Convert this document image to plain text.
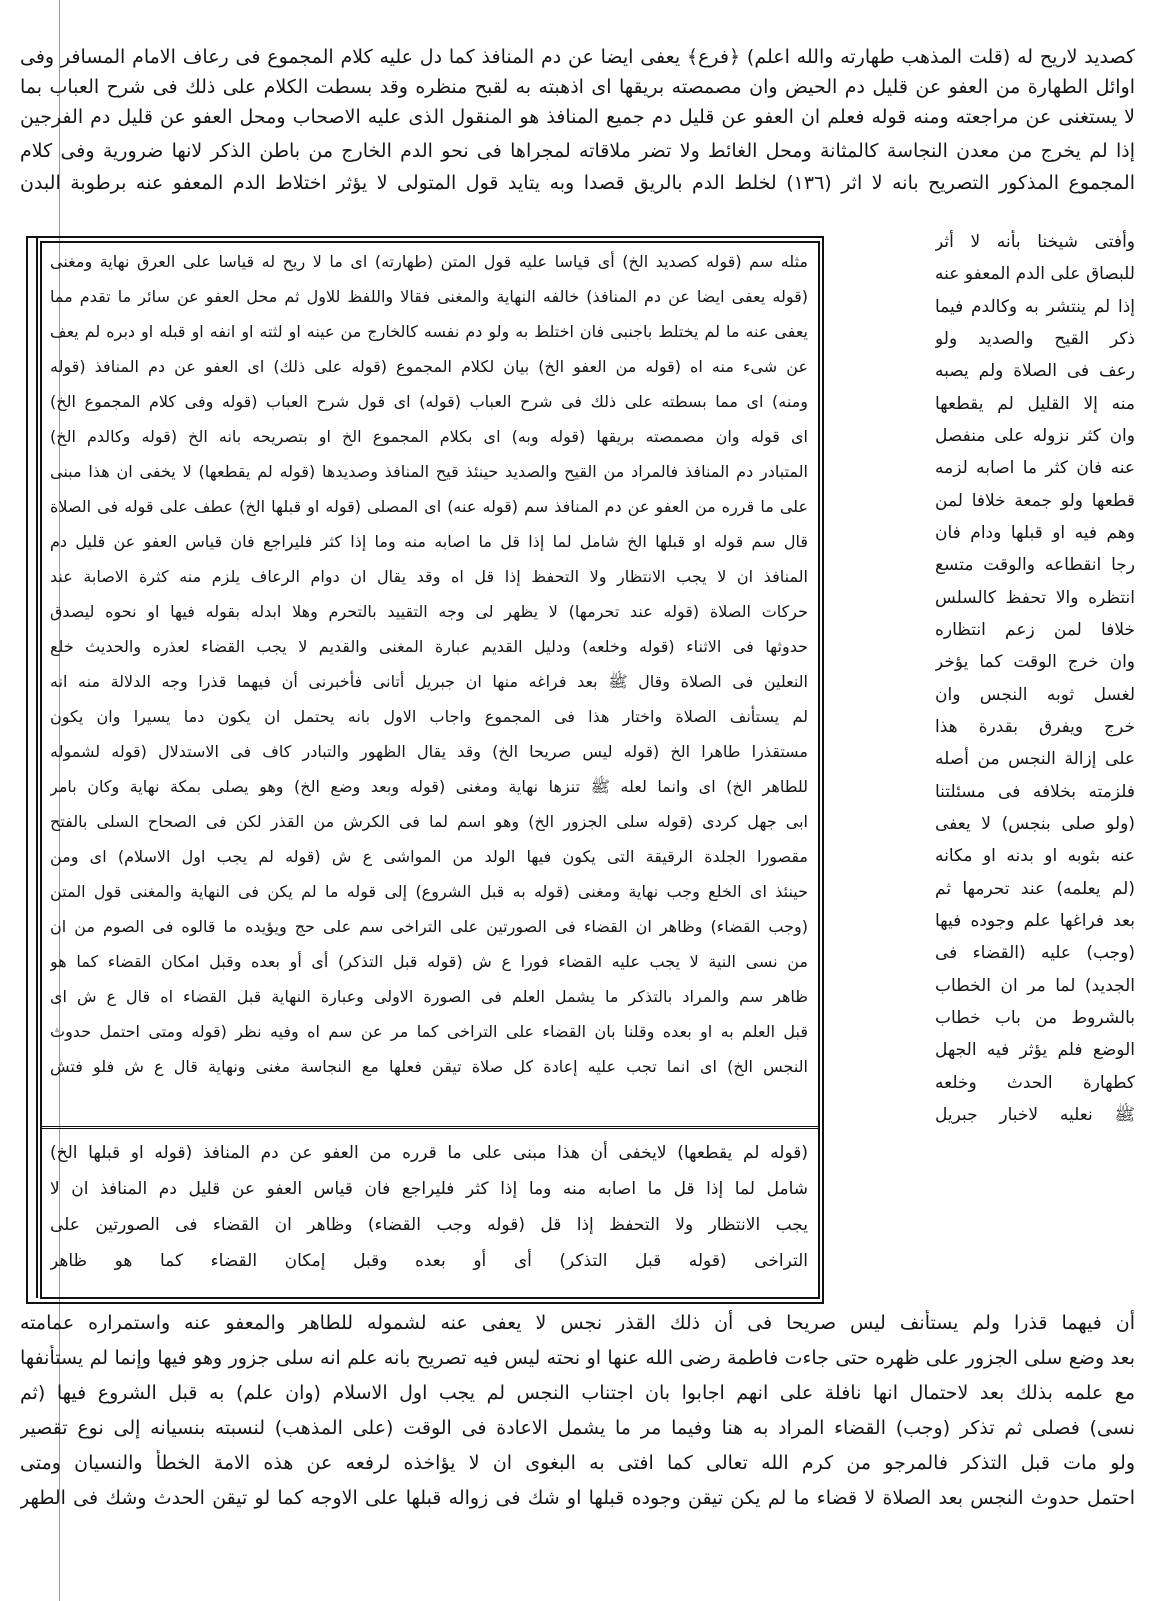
كصديد لاريح له (قلت المذهب طهارته والله اعلم) ﴿فرع﴾ يعفى ايضا عن دم المنافذ كما دل عليه كلام المجموع فى رعاف الامام المسافر وفى
اوائل الطهارة من العفو عن قليل دم الحيض وان مصمصته بريقها اى اذهبته به لقبح منظره وقد بسطت الكلام على ذلك فى شرح العباب بما
لا يستغنى عن مراجعته ومنه قوله فعلم ان العفو عن قليل دم جميع المنافذ هو المنقول الذى عليه الاصحاب ومحل العفو عن قليل دم الفرجين
إذا لم يخرج من معدن النجاسة كالمثانة ومحل الغائط ولا تضر ملاقاته لمجراها فى نحو الدم الخارج من باطن الذكر لانها ضرورية وفى كلام
المجموع المذكور التصريح بانه لا اثر (١٣٦) لخلط الدم بالريق قصدا وبه يتايد قول المتولى لا يؤثر اختلاط الدم المعفو عنه برطوبة البدن
وأفتى شيخنا بأنه لا أثر
للبصاق على الدم المعفو عنه
إذا لم ينتشر به وكالدم فيما
ذكر القيح والصديد ولو
رعف فى الصلاة ولم يصبه
منه إلا القليل لم يقطعها
وان كثر نزوله على منفصل
عنه فان كثر ما اصابه لزمه
قطعها ولو جمعة خلافا لمن
وهم فيه او قبلها ودام فان
رجا انقطاعه والوقت متسع
انتظره والا تحفظ كالسلس
خلافا لمن زعم انتظاره
وان خرج الوقت كما يؤخر
لغسل ثوبه النجس وان
خرج ويفرق بقدرة هذا
على إزالة النجس من أصله
فلزمته بخلافه فى مسئلتنا
(ولو صلى بنجس) لا يعفى
عنه بثوبه او بدنه او مكانه
(لم يعلمه) عند تحرمها ثم
بعد فراغها علم وجوده فيها
(وجب) عليه (القضاء فى
الجديد) لما مر ان الخطاب
بالشروط من باب خطاب
الوضع فلم يؤثر فيه الجهل
كطهارة الحدث وخلعه
ﷺ نعليه لاخبار جبريل
مثله سم (قوله كصديد الخ) أى قياسا عليه قول المتن (طهارته) اى ما لا ريح له قياسا على العرق نهاية ومغنى
(قوله يعفى ايضا عن دم المنافذ) خالفه النهاية والمغنى فقالا واللفظ للاول ثم محل العفو عن سائر ما تقدم مما
يعفى عنه ما لم يختلط باجنبى فان اختلط به ولو دم نفسه كالخارج من عينه او لثته او انفه او قبله او دبره لم يعف
عن شىء منه اه (قوله من العفو الخ) بيان لكلام المجموع (قوله على ذلك) اى العفو عن دم المنافذ (قوله
ومنه) اى مما بسطته على ذلك فى شرح العباب (قوله) اى قول شرح العباب (قوله وفى كلام المجموع الخ)
اى قوله وان مصمصته بريقها (قوله وبه) اى بكلام المجموع الخ او بتصريحه بانه الخ (قوله وكالدم الخ)
المتبادر دم المنافذ فالمراد من القيح والصديد حينئذ قيح المنافذ وصديدها (قوله لم يقطعها) لا يخفى ان هذا مبنى
على ما قرره من العفو عن دم المنافذ سم (قوله عنه) اى المصلى (قوله او قبلها الخ) عطف على قوله فى الصلاة
قال سم قوله او قبلها الخ شامل لما إذا قل ما اصابه منه وما إذا كثر فليراجع فان قياس العفو عن قليل دم
المنافذ ان لا يجب الانتظار ولا التحفظ إذا قل اه وقد يقال ان دوام الرعاف يلزم منه كثرة الاصابة عند
حركات الصلاة (قوله عند تحرمها) لا يظهر لى وجه التقييد بالتحرم وهلا ابدله بقوله فيها او نحوه ليصدق
حدوثها فى الاثناء (قوله وخلعه) ودليل القديم عبارة المغنى والقديم لا يجب القضاء لعذره والحديث خلع
النعلين فى الصلاة وقال ﷺ بعد فراغه منها ان جبريل أتانى فأخبرنى أن فيهما قذرا وجه الدلالة منه انه
لم يستأنف الصلاة واختار هذا فى المجموع واجاب الاول بانه يحتمل ان يكون دما يسيرا وان يكون
مستقذرا طاهرا الخ (قوله ليس صريحا الخ) وقد يقال الظهور والتبادر كاف فى الاستدلال (قوله لشموله
للطاهر الخ) اى وانما لعله ﷺ تنزها نهاية ومغنى (قوله وبعد وضع الخ) وهو يصلى بمكة نهاية وكان بامر
ابى جهل كردى (قوله سلى الجزور الخ) وهو اسم لما فى الكرش من القذر لكن فى الصحاح السلى بالفتح
مقصورا الجلدة الرقيقة التى يكون فيها الولد من المواشى ع ش (قوله لم يجب اول الاسلام) اى ومن
حينئذ اى الخلع وجب نهاية ومغنى (قوله به قبل الشروع) إلى قوله ما لم يكن فى النهاية والمغنى قول المتن
(وجب القضاء) وظاهر ان القضاء فى الصورتين على التراخى سم على حج ويؤيده ما قالوه فى الصوم من ان
من نسى النية لا يجب عليه القضاء فورا ع ش (قوله قبل التذكر) أى أو بعده وقبل امكان القضاء كما هو
ظاهر سم والمراد بالتذكر ما يشمل العلم فى الصورة الاولى وعبارة النهاية قبل القضاء اه قال ع ش اى
قبل العلم به او بعده وقلنا بان القضاء على التراخى كما مر عن سم اه وفيه نظر (قوله ومتى احتمل حدوث
النجس الخ) اى انما تجب عليه إعادة كل صلاة تيقن فعلها مع النجاسة مغنى ونهاية قال ع ش فلو فتش
(قوله لم يقطعها) لايخفى أن هذا مبنى على ما قرره من العفو عن دم المنافذ (قوله او قبلها الخ)
شامل لما إذا قل ما اصابه منه وما إذا كثر فليراجع فان قياس العفو عن قليل دم المنافذ ان لا
يجب الانتظار ولا التحفظ إذا قل (قوله وجب القضاء) وظاهر ان القضاء فى الصورتين على
التراخى (قوله قبل التذكر) أى أو بعده وقبل إمكان القضاء كما هو ظاهر
أن فيهما قذرا ولم يستأنف ليس صريحا فى أن ذلك القذر نجس لا يعفى عنه لشموله للطاهر والمعفو عنه واستمراره عمامته
بعد وضع سلى الجزور على ظهره حتى جاءت فاطمة رضى الله عنها او نحته ليس فيه تصريح بانه علم انه سلى جزور وهو فيها وإنما لم يستأنفها
مع علمه بذلك بعد لاحتمال انها نافلة على انهم اجابوا بان اجتناب النجس لم يجب اول الاسلام (وان علم) به قبل الشروع فيها (ثم
نسى) فصلى ثم تذكر (وجب) القضاء المراد به هنا وفيما مر ما يشمل الاعادة فى الوقت (على المذهب) لنسبته بنسيانه إلى نوع تقصير
ولو مات قبل التذكر فالمرجو من كرم الله تعالى كما افتى به البغوى ان لا يؤاخذه لرفعه عن هذه الامة الخطأ والنسيان ومتى
احتمل حدوث النجس بعد الصلاة لا قضاء ما لم يكن تيقن وجوده قبلها او شك فى زواله قبلها على الاوجه كما لو تيقن الحدث وشك فى الطهر
